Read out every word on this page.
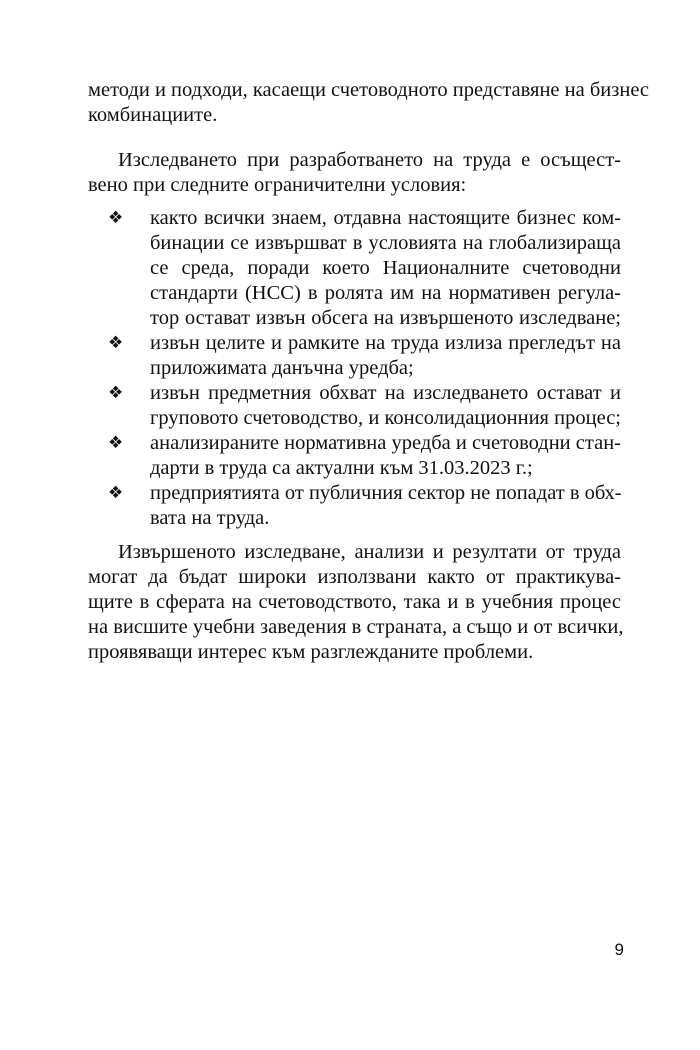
методи и подходи, касаещи счетоводното представяне на бизнес
комбинациите.
Изследването при разработването на труда е осъщест-
вено при следните ограничителни условия:
❖ както всички знаем, отдавна настоящите бизнес ком-
бинации се извършват в условията на глобализираща
се среда, поради което Националните счетоводни
стандарти (НСС) в ролята им на нормативен регула-
тор остават извън обсега на извършеното изследване;
❖ извън целите и рамките на труда излиза прегледът на
приложимата данъчна уредба;
❖ извън предметния обхват на изследването остават и
груповото счетоводство, и консолидационния процес;
❖ анализираните нормативна уредба и счетоводни стан-
дарти в труда са актуални към 31.03.2023 г.;
❖ предприятията от публичния сектор не попадат в обх-
вата на труда.
Извършеното изследване, анализи и резултати от труда
могат да бъдат широки използвани както от практикува-
щите в сферата на счетоводството, така и в учебния процес
на висшите учебни заведения в страната, а също и от всички,
проявяващи интерес към разглежданите проблеми.
9
